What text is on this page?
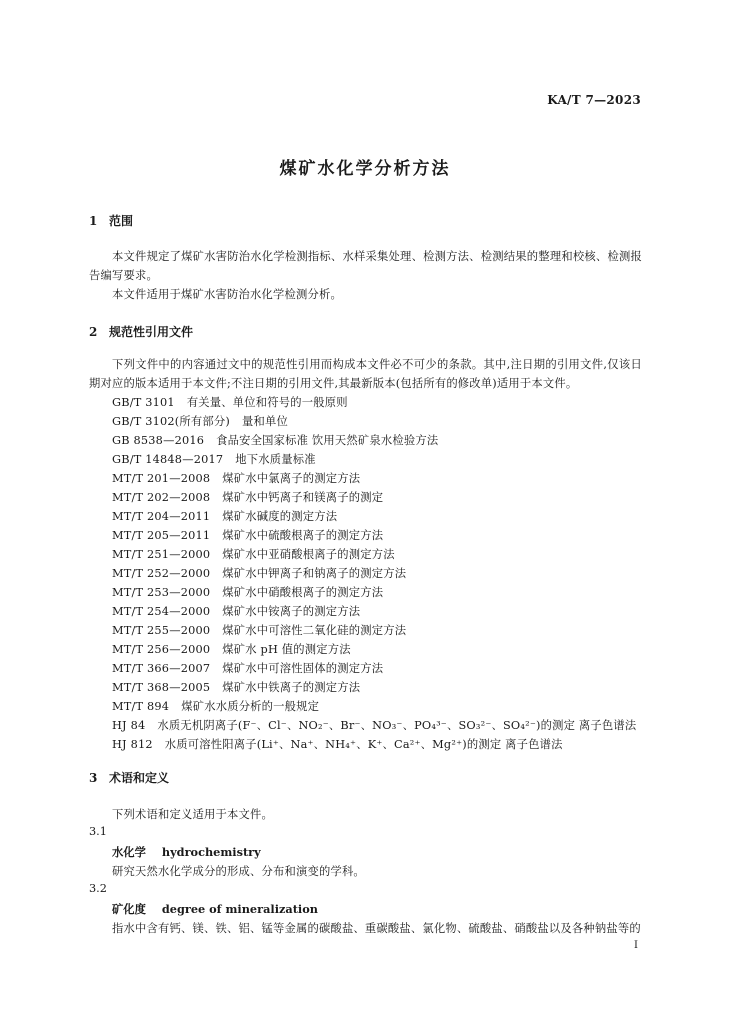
KA/T 7—2023
煤矿水化学分析方法
1 范围
本文件规定了煤矿水害防治水化学检测指标、水样采集处理、检测方法、检测结果的整理和校核、检测报告编写要求。
本文件适用于煤矿水害防治水化学检测分析。
2 规范性引用文件
下列文件中的内容通过文中的规范性引用而构成本文件必不可少的条款。其中,注日期的引用文件,仅该日期对应的版本适用于本文件;不注日期的引用文件,其最新版本(包括所有的修改单)适用于本文件。
GB/T 3101 有关量、单位和符号的一般原则
GB/T 3102(所有部分) 量和单位
GB 8538—2016 食品安全国家标准 饮用天然矿泉水检验方法
GB/T 14848—2017 地下水质量标准
MT/T 201—2008 煤矿水中氯离子的测定方法
MT/T 202—2008 煤矿水中钙离子和镁离子的测定
MT/T 204—2011 煤矿水碱度的测定方法
MT/T 205—2011 煤矿水中硫酸根离子的测定方法
MT/T 251—2000 煤矿水中亚硝酸根离子的测定方法
MT/T 252—2000 煤矿水中钾离子和钠离子的测定方法
MT/T 253—2000 煤矿水中硝酸根离子的测定方法
MT/T 254—2000 煤矿水中铵离子的测定方法
MT/T 255—2000 煤矿水中可溶性二氧化硅的测定方法
MT/T 256—2000 煤矿水 pH 值的测定方法
MT/T 366—2007 煤矿水中可溶性固体的测定方法
MT/T 368—2005 煤矿水中铁离子的测定方法
MT/T 894 煤矿水水质分析的一般规定
HJ 84 水质无机阴离子(F⁻、Cl⁻、NO₂⁻、Br⁻、NO₃⁻、PO₄³⁻、SO₃²⁻、SO₄²⁻)的测定 离子色谱法
HJ 812 水质可溶性阳离子(Li⁺、Na⁺、NH₄⁺、K⁺、Ca²⁺、Mg²⁺)的测定 离子色谱法
3 术语和定义
下列术语和定义适用于本文件。
3.1
水化学 hydrochemistry
研究天然水化学成分的形成、分布和演变的学科。
3.2
矿化度 degree of mineralization
指水中含有钙、镁、铁、铝、锰等金属的碳酸盐、重碳酸盐、氯化物、硫酸盐、硝酸盐以及各种钠盐等的
I
